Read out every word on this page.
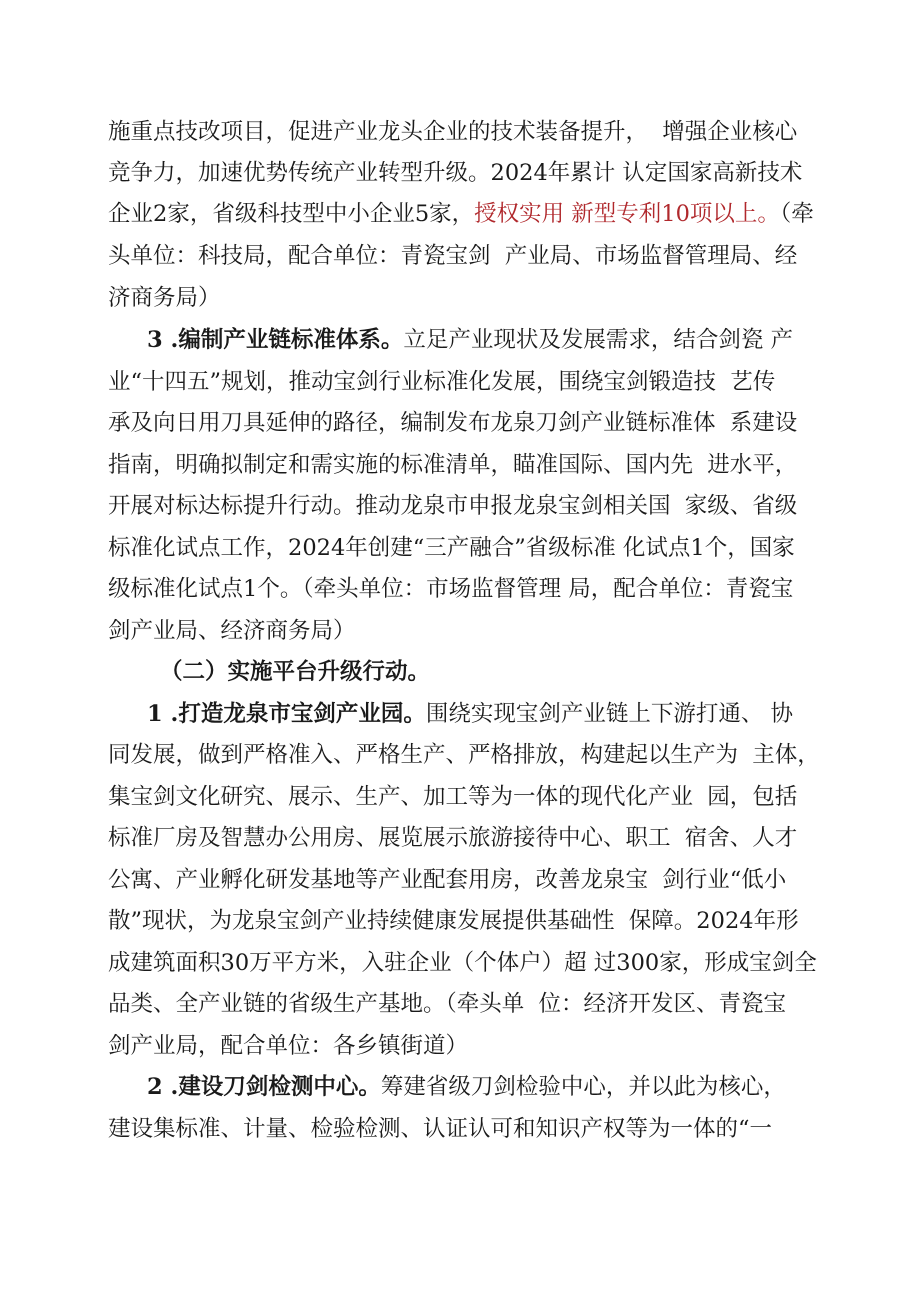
施重点技改项目，促进产业龙头企业的技术装备提升，  增强企业核心

竞争力，加速优势传统产业转型升级。2024年累计 认定国家高新技术

企业2家，省级科技型中小企业5家，授权实用 新型专利10项以上。（牵

头单位：科技局，配合单位：青瓷宝剑  产业局、市场监督管理局、经

济商务局）

3 .编制产业链标准体系。立足产业现状及发展需求，结合剑瓷 产

业“十四五”规划，推动宝剑行业标准化发展，围绕宝剑锻造技  艺传

承及向日用刀具延伸的路径，编制发布龙泉刀剑产业链标准体  系建设

指南，明确拟制定和需实施的标准清单，瞄准国际、国内先  进水平，

开展对标达标提升行动。推动龙泉市申报龙泉宝剑相关国  家级、省级

标准化试点工作，2024年创建“三产融合”省级标准 化试点1个，国家

级标准化试点1个。（牵头单位：市场监督管理 局，配合单位：青瓷宝

剑产业局、经济商务局）

（二）实施平台升级行动。

1 .打造龙泉市宝剑产业园。围绕实现宝剑产业链上下游打通、 协

同发展，做到严格准入、严格生产、严格排放，构建起以生产为  主体，

集宝剑文化研究、展示、生产、加工等为一体的现代化产业  园，包括

标准厂房及智慧办公用房、展览展示旅游接待中心、职工  宿舍、人才

公寓、产业孵化研发基地等产业配套用房，改善龙泉宝  剑行业“低小

散”现状，为龙泉宝剑产业持续健康发展提供基础性  保障。2024年形

成建筑面积30万平方米，入驻企业（个体户）超 过300家，形成宝剑全

品类、全产业链的省级生产基地。（牵头单  位：经济开发区、青瓷宝

剑产业局，配合单位：各乡镇街道）

2 .建设刀剑检测中心。筹建省级刀剑检验中心，并以此为核心，

建设集标准、计量、检验检测、认证认可和知识产权等为一体的“一
